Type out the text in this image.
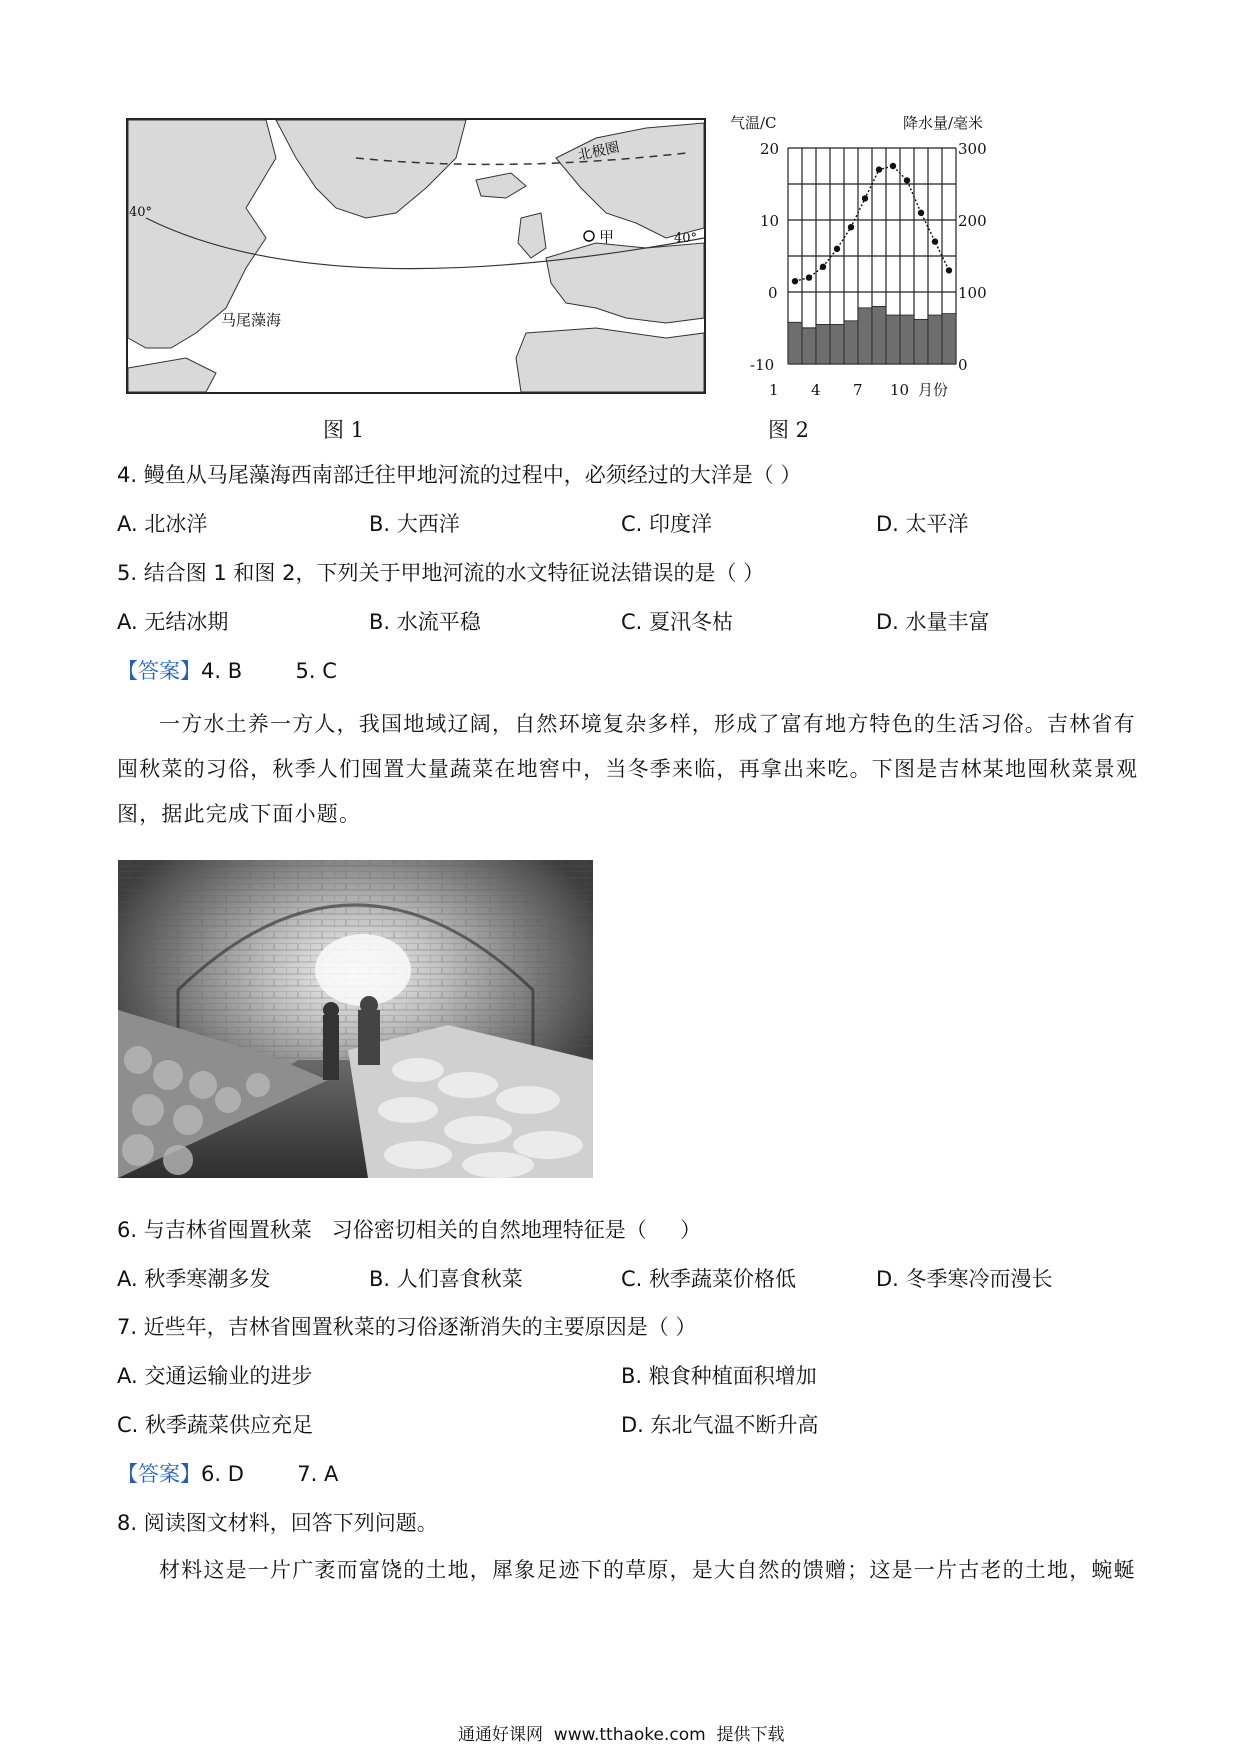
甲
北极圈
马尾藻海
40°
40°
图 1
气温/C	降水量/毫米
20
10
0
-10
300
200
100
0
1 4 7 10 月份
图 2
4. 鳗鱼从马尾藻海西南部迁往甲地河流的过程中，必须经过的大洋是（ ）
A. 北冰洋	B. 大西洋	C. 印度洋	D. 太平洋
5. 结合图 1 和图 2，下列关于甲地河流的水文特征说法错误的是（ ）
A. 无结冰期	B. 水流平稳	C. 夏汛冬枯	D. 水量丰富
【答案】4. B        5. C
一方水土养一方人，我国地域辽阔，自然环境复杂多样，形成了富有地方特色的生活习俗。吉林省有
囤秋菜的习俗，秋季人们囤置大量蔬菜在地窖中，当冬季来临，再拿出来吃。下图是吉林某地囤秋菜景观
图，据此完成下面小题。
6. 与吉林省囤置秋菜   习俗密切相关的自然地理特征是（     ）
A. 秋季寒潮多发	B. 人们喜食秋菜	C. 秋季蔬菜价格低	D. 冬季寒冷而漫长
7. 近些年，吉林省囤置秋菜的习俗逐渐消失的主要原因是（ ）
A. 交通运输业的进步	B. 粮食种植面积增加
C. 秋季蔬菜供应充足	D. 东北气温不断升高
【答案】6. D        7. A
8. 阅读图文材料，回答下列问题。
材料这是一片广袤而富饶的土地，犀象足迹下的草原，是大自然的馈赠；这是一片古老的土地，蜿蜒
通通好课网  www.tthaoke.com  提供下载
